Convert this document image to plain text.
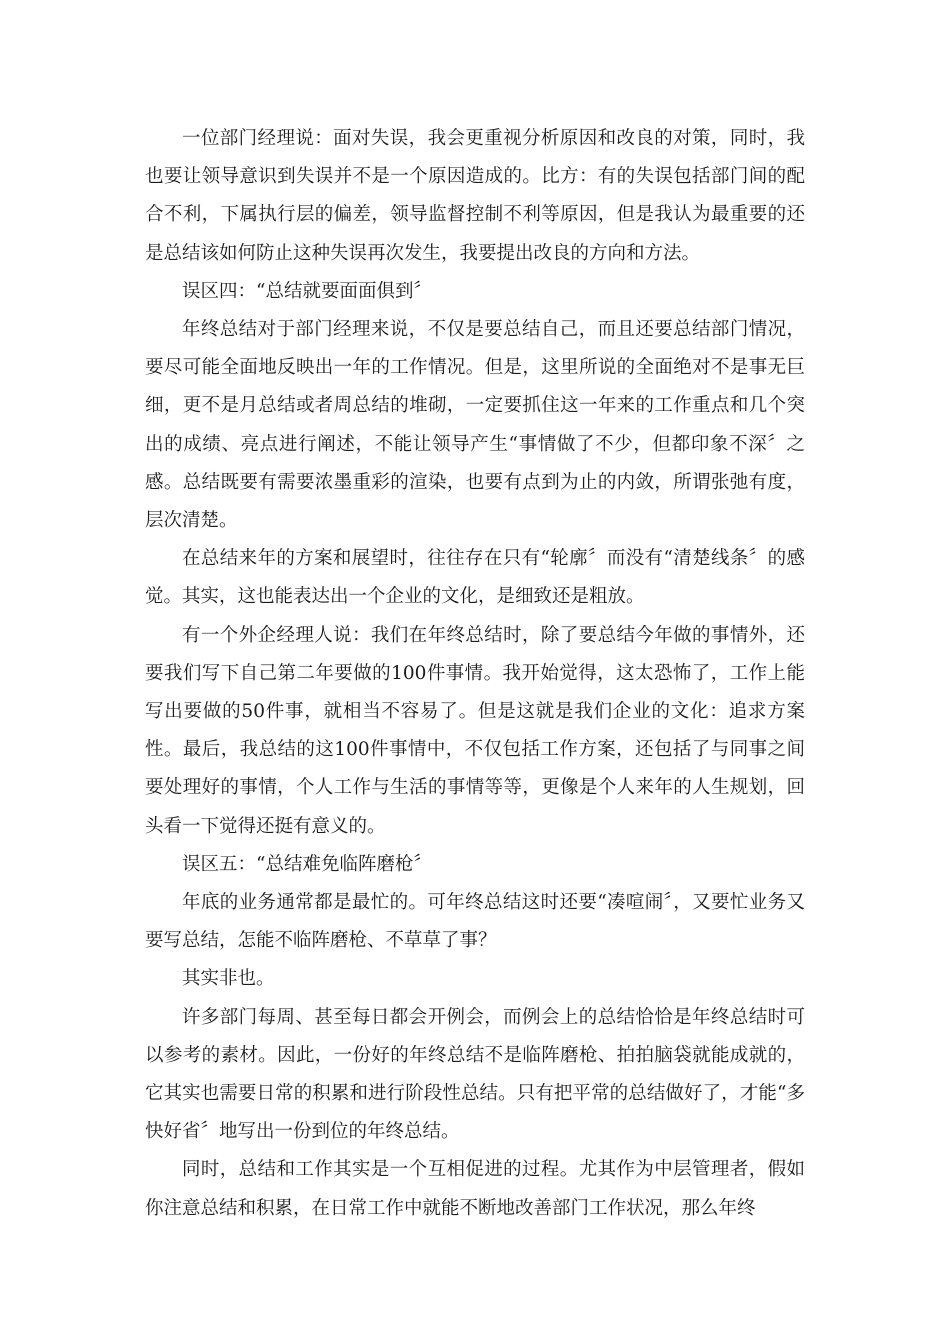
一位部门经理说：面对失误，我会更重视分析原因和改良的对策，同时，我也要让领导意识到失误并不是一个原因造成的。比方：有的失误包括部门间的配合不利，下属执行层的偏差，领导监督控制不利等原因，但是我认为最重要的还是总结该如何防止这种失误再次发生，我要提出改良的方向和方法。

误区四：“总结就要面面俱到〞

年终总结对于部门经理来说，不仅是要总结自己，而且还要总结部门情况，要尽可能全面地反映出一年的工作情况。但是，这里所说的全面绝对不是事无巨细，更不是月总结或者周总结的堆砌，一定要抓住这一年来的工作重点和几个突出的成绩、亮点进行阐述，不能让领导产生“事情做了不少，但都印象不深〞之感。总结既要有需要浓墨重彩的渲染，也要有点到为止的内敛，所谓张弛有度，层次清楚。

在总结来年的方案和展望时，往往存在只有“轮廓〞而没有“清楚线条〞的感觉。其实，这也能表达出一个企业的文化，是细致还是粗放。

有一个外企经理人说：我们在年终总结时，除了要总结今年做的事情外，还要我们写下自己第二年要做的100件事情。我开始觉得，这太恐怖了，工作上能写出要做的50件事，就相当不容易了。但是这就是我们企业的文化：追求方案性。最后，我总结的这100件事情中，不仅包括工作方案，还包括了与同事之间要处理好的事情，个人工作与生活的事情等等，更像是个人来年的人生规划，回头看一下觉得还挺有意义的。

误区五：“总结难免临阵磨枪〞

年底的业务通常都是最忙的。可年终总结这时还要“凑喧闹〞，又要忙业务又要写总结，怎能不临阵磨枪、不草草了事？

其实非也。

许多部门每周、甚至每日都会开例会，而例会上的总结恰恰是年终总结时可以参考的素材。因此，一份好的年终总结不是临阵磨枪、拍拍脑袋就能成就的，它其实也需要日常的积累和进行阶段性总结。只有把平常的总结做好了，才能“多快好省〞地写出一份到位的年终总结。

同时，总结和工作其实是一个互相促进的过程。尤其作为中层管理者，假如你注意总结和积累，在日常工作中就能不断地改善部门工作状况，那么年终
